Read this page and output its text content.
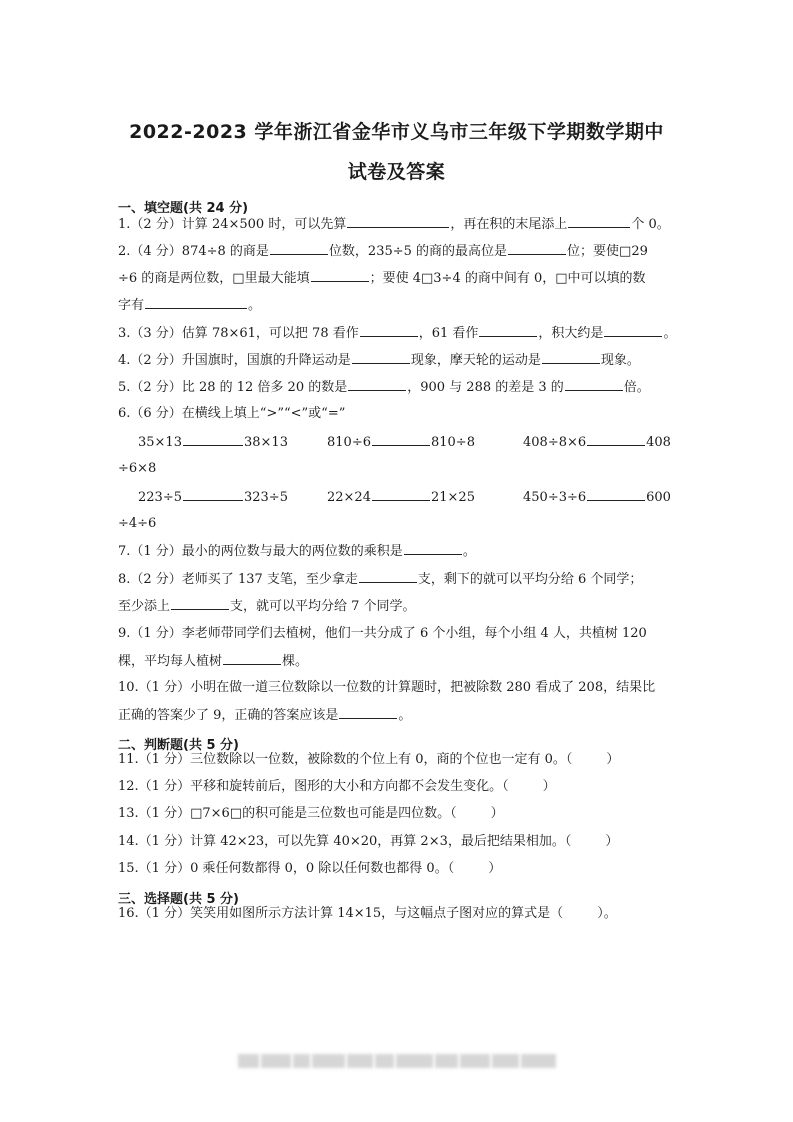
2022-2023 学年浙江省金华市义乌市三年级下学期数学期中
试卷及答案
一、填空题(共 24 分)
1.（2 分）计算 24×500 时，可以先算	，再在积的末尾添上	个 0。
2.（4 分）874÷8 的商是	位数，235÷5 的商的最高位是	位；要使□29
÷6 的商是两位数，□里最大能填	；要使 4□3÷4 的商中间有 0，□中可以填的数
字有	。
3.（3 分）估算 78×61，可以把 78 看作	，61 看作	，积大约是	。
4.（2 分）升国旗时，国旗的升降运动是	现象，摩天轮的运动是	现象。
5.（2 分）比 28 的 12 倍多 20 的数是	，900 与 288 的差是 3 的	倍。
6.（6 分）在横线上填上“>”“<”或“=”
35×13	38×13	810÷6	810÷8	408÷8×6	408
÷6×8
223÷5	323÷5	22×24	21×25	450÷3÷6	600
÷4÷6
7.（1 分）最小的两位数与最大的两位数的乘积是	。
8.（2 分）老师买了 137 支笔，至少拿走	支，剩下的就可以平均分给 6 个同学；
至少添上	支，就可以平均分给 7 个同学。
9.（1 分）李老师带同学们去植树，他们一共分成了 6 个小组，每个小组 4 人，共植树 120
棵，平均每人植树	棵。
10.（1 分）小明在做一道三位数除以一位数的计算题时，把被除数 280 看成了 208，结果比
正确的答案少了 9，正确的答案应该是	。
二、判断题(共 5 分)
11.（1 分）三位数除以一位数，被除数的个位上有 0，商的个位也一定有 0。（	）
12.（1 分）平移和旋转前后，图形的大小和方向都不会发生变化。（	）
13.（1 分）□7×6□的积可能是三位数也可能是四位数。（	）
14.（1 分）计算 42×23，可以先算 40×20，再算 2×3，最后把结果相加。（	）
15.（1 分）0 乘任何数都得 0，0 除以任何数也都得 0。（	）
三、选择题(共 5 分)
16.（1 分）笑笑用如图所示方法计算 14×15，与这幅点子图对应的算式是（	）。
